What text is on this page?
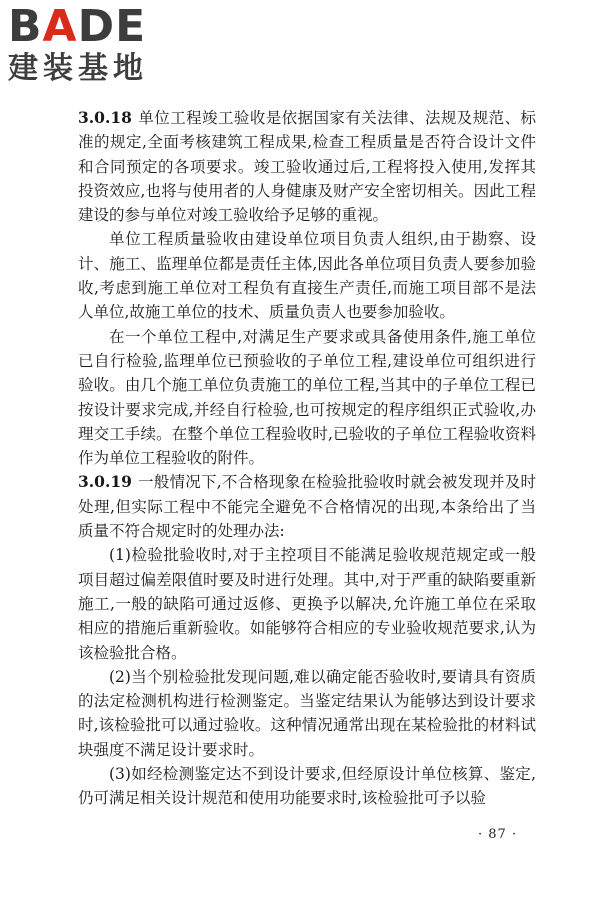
BADE
建装基地

3.0.18 单位工程竣工验收是依据国家有关法律、法规及规范、标准的规定,全面考核建筑工程成果,检查工程质量是否符合设计文件和合同预定的各项要求。竣工验收通过后,工程将投入使用,发挥其投资效应,也将与使用者的人身健康及财产安全密切相关。因此工程建设的参与单位对竣工验收给予足够的重视。

单位工程质量验收由建设单位项目负责人组织,由于勘察、设计、施工、监理单位都是责任主体,因此各单位项目负责人要参加验收,考虑到施工单位对工程负有直接生产责任,而施工项目部不是法人单位,故施工单位的技术、质量负责人也要参加验收。

在一个单位工程中,对满足生产要求或具备使用条件,施工单位已自行检验,监理单位已预验收的子单位工程,建设单位可组织进行验收。由几个施工单位负责施工的单位工程,当其中的子单位工程已按设计要求完成,并经自行检验,也可按规定的程序组织正式验收,办理交工手续。在整个单位工程验收时,已验收的子单位工程验收资料作为单位工程验收的附件。

3.0.19 一般情况下,不合格现象在检验批验收时就会被发现并及时处理,但实际工程中不能完全避免不合格情况的出现,本条给出了当质量不符合规定时的处理办法:

(1)检验批验收时,对于主控项目不能满足验收规范规定或一般项目超过偏差限值时要及时进行处理。其中,对于严重的缺陷要重新施工,一般的缺陷可通过返修、更换予以解决,允许施工单位在采取相应的措施后重新验收。如能够符合相应的专业验收规范要求,认为该检验批合格。

(2)当个别检验批发现问题,难以确定能否验收时,要请具有资质的法定检测机构进行检测鉴定。当鉴定结果认为能够达到设计要求时,该检验批可以通过验收。这种情况通常出现在某检验批的材料试块强度不满足设计要求时。

(3)如经检测鉴定达不到设计要求,但经原设计单位核算、鉴定,仍可满足相关设计规范和使用功能要求时,该检验批可予以验

· 87 ·
